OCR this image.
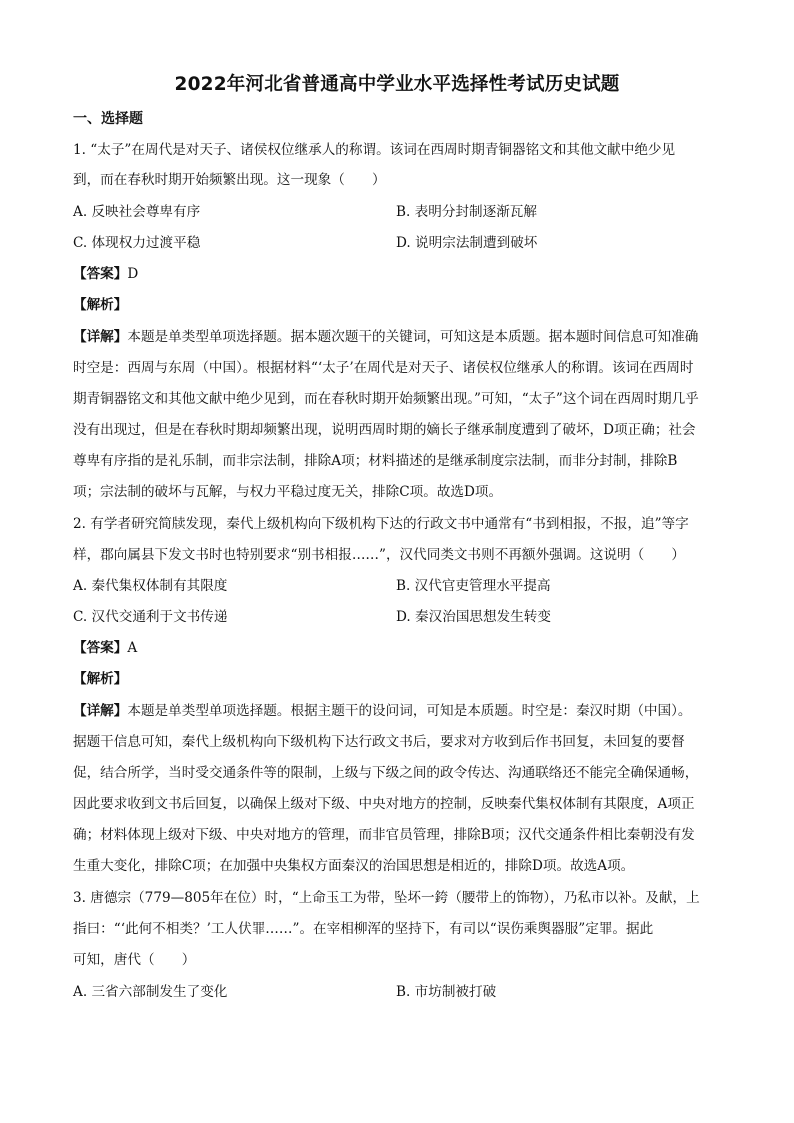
2022年河北省普通高中学业水平选择性考试历史试题
一、选择题
1. “太子”在周代是对天子、诸侯权位继承人的称谓。该词在西周时期青铜器铭文和其他文献中绝少见
到，而在春秋时期开始频繁出现。这一现象（　　）
A. 反映社会尊卑有序	B. 表明分封制逐渐瓦解
C. 体现权力过渡平稳	D. 说明宗法制遭到破坏
【答案】D
【解析】
【详解】本题是单类型单项选择题。据本题次题干的关键词，可知这是本质题。据本题时间信息可知准确
时空是：西周与东周（中国）。根据材料“‘太子’在周代是对天子、诸侯权位继承人的称谓。该词在西周时
期青铜器铭文和其他文献中绝少见到，而在春秋时期开始频繁出现。”可知，“太子”这个词在西周时期几乎
没有出现过，但是在春秋时期却频繁出现，说明西周时期的嫡长子继承制度遭到了破坏，D项正确；社会
尊卑有序指的是礼乐制，而非宗法制，排除A项；材料描述的是继承制度宗法制，而非分封制，排除B
项；宗法制的破坏与瓦解，与权力平稳过度无关，排除C项。故选D项。
2. 有学者研究简牍发现，秦代上级机构向下级机构下达的行政文书中通常有“书到相报，不报，追”等字
样，郡向属县下发文书时也特别要求“别书相报……”，汉代同类文书则不再额外强调。这说明（　　）
A. 秦代集权体制有其限度	B. 汉代官吏管理水平提高
C. 汉代交通利于文书传递	D. 秦汉治国思想发生转变
【答案】A
【解析】
【详解】本题是单类型单项选择题。根据主题干的设问词，可知是本质题。时空是：秦汉时期（中国）。
据题干信息可知，秦代上级机构向下级机构下达行政文书后，要求对方收到后作书回复，未回复的要督
促，结合所学，当时受交通条件等的限制，上级与下级之间的政令传达、沟通联络还不能完全确保通畅，
因此要求收到文书后回复，以确保上级对下级、中央对地方的控制，反映秦代集权体制有其限度，A项正
确；材料体现上级对下级、中央对地方的管理，而非官员管理，排除B项；汉代交通条件相比秦朝没有发
生重大变化，排除C项；在加强中央集权方面秦汉的治国思想是相近的，排除D项。故选A项。
3. 唐德宗（779—805年在位）时，“上命玉工为带，坠坏一銙（腰带上的饰物），乃私市以补。及献，上
指曰：“‘此何不相类？’工人伏罪……”。在宰相柳浑的坚持下，有司以“误伤乘舆器服”定罪。据此
可知，唐代（　　）
A. 三省六部制发生了变化	B. 市坊制被打破
